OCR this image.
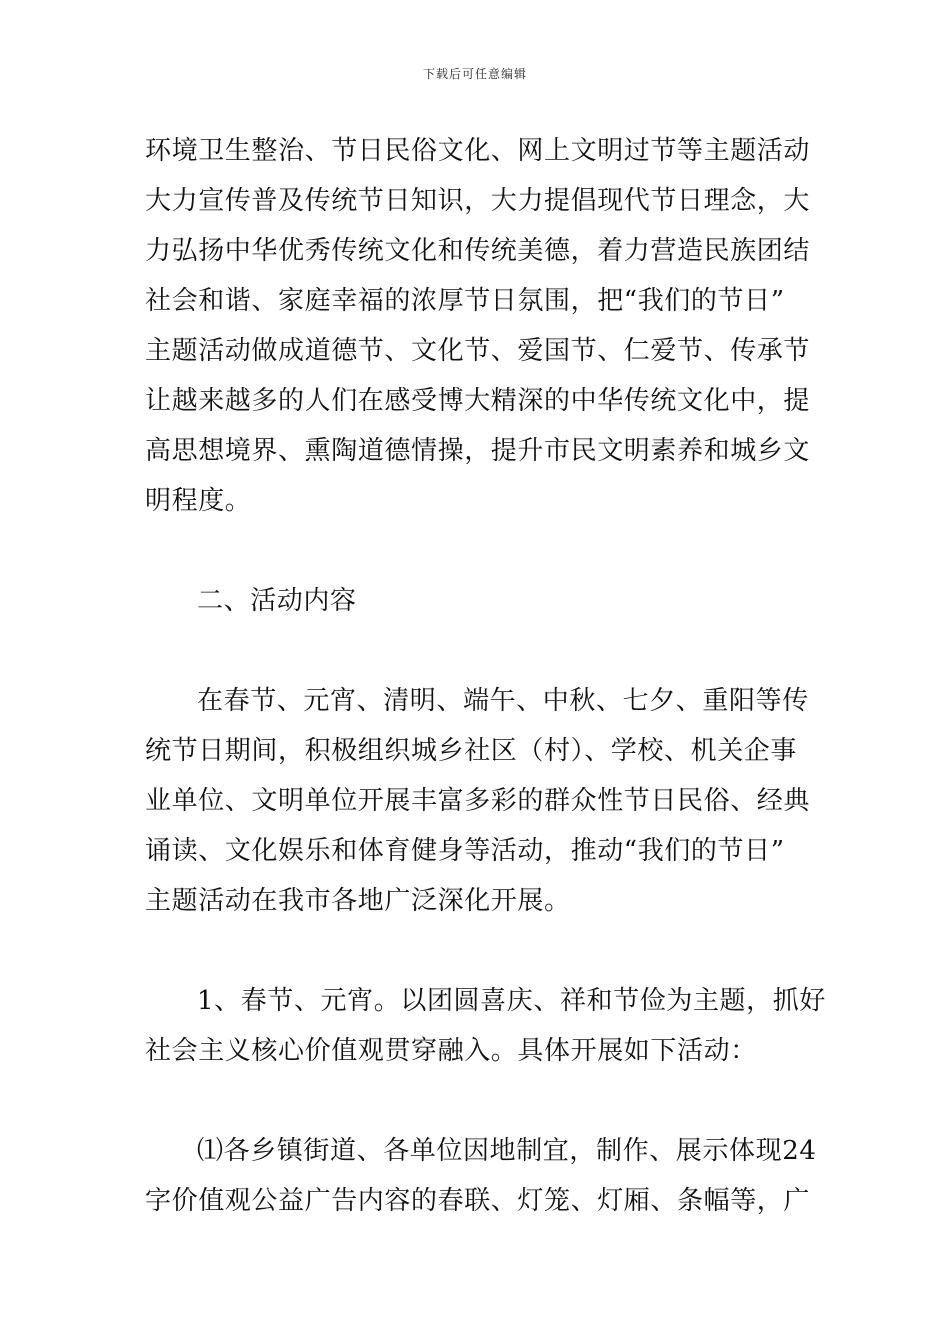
下载后可任意编辑
环境卫生整治、节日民俗文化、网上文明过节等主题活动
大力宣传普及传统节日知识，大力提倡现代节日理念，大
力弘扬中华优秀传统文化和传统美德，着力营造民族团结
社会和谐、家庭幸福的浓厚节日氛围，把“我们的节日”
主题活动做成道德节、文化节、爱国节、仁爱节、传承节
让越来越多的人们在感受博大精深的中华传统文化中，提
高思想境界、熏陶道德情操，提升市民文明素养和城乡文
明程度。
二、活动内容
在春节、元宵、清明、端午、中秋、七夕、重阳等传
统节日期间，积极组织城乡社区（村）、学校、机关企事
业单位、文明单位开展丰富多彩的群众性节日民俗、经典
诵读、文化娱乐和体育健身等活动，推动“我们的节日”
主题活动在我市各地广泛深化开展。
1、春节、元宵。以团圆喜庆、祥和节俭为主题，抓好
社会主义核心价值观贯穿融入。具体开展如下活动：
⑴各乡镇街道、各单位因地制宜，制作、展示体现24
字价值观公益广告内容的春联、灯笼、灯厢、条幅等，广
